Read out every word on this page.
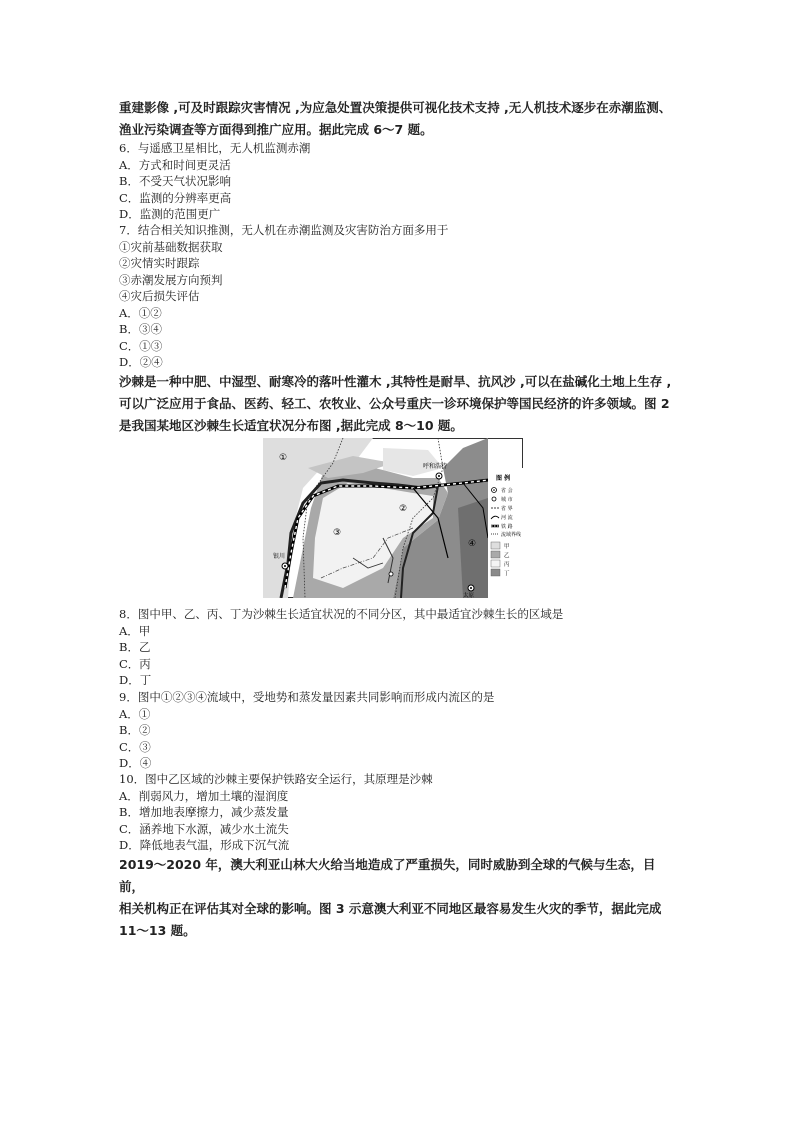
重建影像 ,可及时跟踪灾害情况 ,为应急处置决策提供可视化技术支持 ,无人机技术逐步在赤潮监测、
渔业污染调查等方面得到推广应用。据此完成 6～7 题。
6．与遥感卫星相比，无人机监测赤潮
A．方式和时间更灵活
B．不受天气状况影响
C．监测的分辨率更高
D．监测的范围更广
7．结合相关知识推测，无人机在赤潮监测及灾害防治方面多用于
①灾前基础数据获取
②灾情实时跟踪
③赤潮发展方向预判
④灾后损失评估
A．①②
B．③④
C．①③
D．②④
沙棘是一种中肥、中湿型、耐寒冷的落叶性灌木 ,其特性是耐旱、抗风沙 ,可以在盐碱化土地上生存 ,
可以广泛应用于食品、医药、轻工、农牧业、公众号重庆一诊环境保护等国民经济的许多领域。图 2
是我国某地区沙棘生长适宜状况分布图 ,据此完成 8～10 题。
呼和浩特
银川
太原
①
②
③
④
图 例
省 会
城 市
省 界
河 流
铁 路
流域界线
甲
乙
丙
丁
8．图中甲、乙、丙、丁为沙棘生长适宜状况的不同分区，其中最适宜沙棘生长的区域是
A．甲
B．乙
C．丙
D．丁
9．图中①②③④流域中，受地势和蒸发量因素共同影响而形成内流区的是
A．①
B．②
C．③
D．④
10．图中乙区域的沙棘主要保护铁路安全运行，其原理是沙棘
A．削弱风力，增加土壤的湿润度
B．增加地表摩擦力，减少蒸发量
C．涵养地下水源，减少水土流失
D．降低地表气温，形成下沉气流
2019～2020 年，澳大利亚山林大火给当地造成了严重损失，同时威胁到全球的气候与生态，目前，
相关机构正在评估其对全球的影响。图 3 示意澳大利亚不同地区最容易发生火灾的季节，据此完成
11～13 题。
